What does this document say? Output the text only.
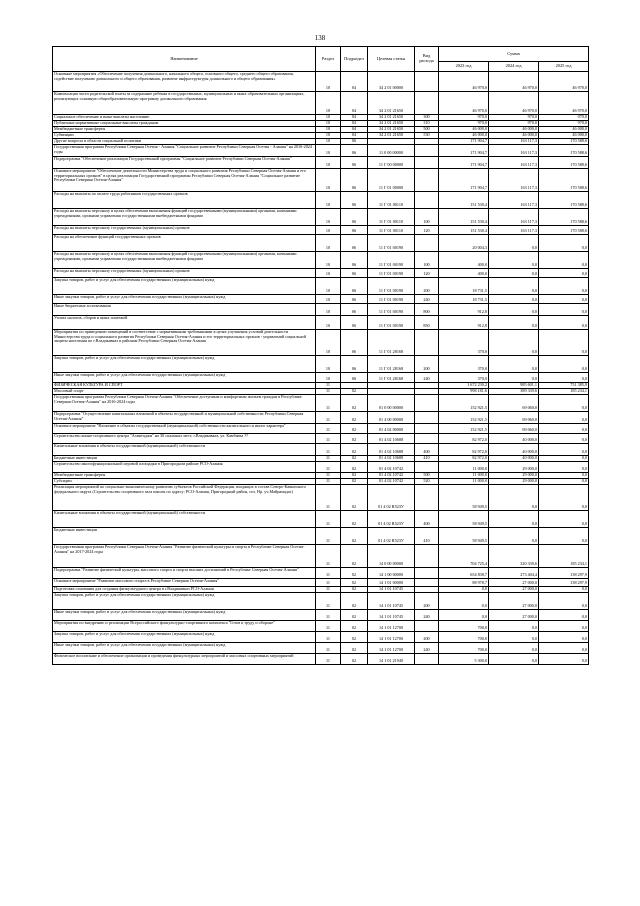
138
Наименование	Раздел	Подраздел	Целевая статья	Вид расхода	Сумма		
					2023 год	2024 год	2025 год
Основные мероприятия «Обеспечение получения дошкольного, начального общего, основного общего, среднего общего образования, содействие получению дошкольного и общего образования, развитие инфраструктуры дошкольного и общего образования»	10	04	34 2 01 00000		46 970,0	46 970,0	46 970,0
Компенсация части родительской платы за содержание ребенка в государственных, муниципальных и иных образовательных организациях, реализующих основную общеобразовательную программу дошкольного образования	10	04	34 2 01 21650		46 970,0	46 970,0	46 970,0
Социальное обеспечение и иные выплаты населению	10	04	34 2 01 21650	300	970,0	970,0	970,0
Публичные нормативные социальные выплаты гражданам	10	04	34 2 01 21650	310	970,0	970,0	970,0
Межбюджетные трансферты	10	04	34 2 01 21650	500	46 000,0	46 000,0	46 000,0
Субвенции	10	04	34 2 01 21650	530	46 000,0	46 000,0	46 000,0
Другие вопросы в области социальной политики	10	06			171 904,7	163 117,3	170 588,6
Государственная программа Республики Северная Осетия - Алания "Социальное развитие Республики Северная Осетия - Алания" на 2016-2024 годы	10	06	11 0 00 00000		171 904,7	163 117,3	170 588,6
Подпрограмма "Обеспечение реализации Государственной программы "Социальное развитие Республики Северная Осетия-Алания"	10	06	11 Г 00 00000		171 904,7	163 117,3	170 588,6
Основное мероприятие "Обеспечение деятельности Министерства труда и социального развития Республики Северная Осетия-Алания и его территориальных органов" в целях реализации Государственной программы Республики Северная Осетия-Алания "Социальное развитие Республики Северная Осетия-Алания"	10	06	11 Г 01 00000		171 904,7	163 117,3	170 588,6
Расходы на выплаты по оплате труда работников государственных органов	10	06	11 Г 01 00110		151 530,4	163 117,3	170 588,6
Расходы на выплаты персоналу в целях обеспечения выполнения функций государственными (муниципальными) органами, казенными учреждениями, органами управления государственными внебюджетными фондами	10	06	11 Г 01 00110	100	151 530,4	163 117,3	170 588,6
Расходы на выплаты персоналу государственных (муниципальных) органов	10	06	11 Г 01 00110	120	151 530,4	163 117,3	170 588,6
Расходы на обеспечение функций государственных органов	10	06	11 Г 01 00190		20 004,3	0,0	0,0
Расходы на выплаты персоналу в целях обеспечения выполнения функций государственными (муниципальными) органами, казенными учреждениями, органами управления государственными внебюджетными фондами	10	06	11 Г 01 00190	100	400,0	0,0	0,0
Расходы на выплаты персоналу государственных (муниципальных) органов	10	06	11 Г 01 00190	120	400,0	0,0	0,0
Закупка товаров, работ и услуг для обеспечения государственных (муниципальных) нужд	10	06	11 Г 01 00190	200	18 731,5	0,0	0,0
Иные закупки товаров, работ и услуг для обеспечения государственных (муниципальных) нужд	10	06	11 Г 01 00190	240	18 731,5	0,0	0,0
Иные бюджетные ассигнования	10	06	11 Г 01 00190	800	912,8	0,0	0,0
Уплата налогов, сборов и иных платежей	10	06	11 Г 01 00190	850	912,8	0,0	0,0
Мероприятия по приведению помещений в соответствие с нормативными требованиями в целях улучшения условий деятельности Министерства труда и социального развития Республики Северная Осетия-Алания и его территориальных органов - управлений социальной защиты населения по г.Владикавказ и районам Республики Северная Осетия-Алания	10	06	11 Г 01 28168		370,0	0,0	0,0
Закупка товаров, работ и услуг для обеспечения государственных (муниципальных) нужд	10	06	11 Г 01 28168	200	370,0	0,0	0,0
Иные закупки товаров, работ и услуг для обеспечения государственных (муниципальных) нужд	10	06	11 Г 01 28168	240	370,0	0,0	0,0
ФИЗИЧЕСКАЯ КУЛЬТУРА И СПОРТ	11				1 672 230,2	985 601,1	751 385,9
Массовый спорт	11	02			998 181,6	389 339,6	185 234,1
Государственная программа Республики Северная Осетия-Алания "Обеспечение доступным и комфортным жильем граждан в Республике Северная Осетия-Алания" на 2016-2024 годы	11	02	01 0 00 00000		152 921,5	69 060,0	0,0
Подпрограмма "Осуществление капитальных вложений в объекты государственной и муниципальной собственности Республики Северная Осетия-Алания"	11	02	01 4 00 00000		152 921,5	69 060,0	0,0
Основное мероприятие "Вложение в объекты государственной (муниципальной) собственности капитального и иного характера"	11	02	01 4 02 00000		152 921,5	69 060,0	0,0
Строительство конно-спортивного центра "Ахвитаджи" на 30 спальных мест, г.Владикавказ, ул. Камбаева ??	11	02	01 4 02 10688		82 972,0	40 000,0	0,0
Капитальные вложения в объекты государственной (муниципальной) собственности	11	02	01 4 02 10688	400	82 972,0	40 000,0	0,0
Бюджетные инвестиции	11	02	01 4 02 10688	410	82 972,0	40 000,0	0,0
Строительство многофункциональной игровой площадки в Пригородном районе РСО-Алания	11	02	01 4 02 10742		11 000,0	29 000,0	0,0
Межбюджетные трансферты	11	02	01 4 02 10742	500	11 000,0	29 000,0	0,0
Субсидии	11	02	01 4 02 10742	520	11 000,0	29 000,0	0,0
Реализация мероприятий по социально-экономическому развитию субъектов Российской Федерации, входящих в состав Северо-Кавказского федерального округа (Строительство спортивного зала школы по адресу: РСО-Алания, Пригородный район, сел. Нр. уч.Майрамадаг)	11	02	01 4 02 R523У		58 949,5	0,0	0,0
Капитальные вложения в объекты государственной (муниципальной) собственности	11	02	01 4 02 R523У	400	58 949,5	0,0	0,0
Бюджетные инвестиции	11	02	01 4 02 R523У	410	58 949,5	0,0	0,0
Государственная программа Республики Северная Осетия-Алания "Развитие физической культуры и спорта в Республике Северная Осетия-Алания" на 2017-2024 годы	11	02	14 0 00 00000		704 725,4	320 339,6	185 234,1
Подпрограмма "Развитие физической культуры, массового спорта и спорта высших достижений в Республике Северная Осетия-Алания"	11	02	14 1 00 00000		654 838,7	273 404,4	138 297,9
Основное мероприятие "Развитие массового спорта в Республике Северная Осетия-Алания"	11	02	14 1 01 00000		88 978,7	27 000,0	138 297,9
Подготовка основания для создания физкультурного центра в г.Владикавказ РСО-Алания	11	02	14 1 01 10745		0,0	27 000,0	0,0
Закупка товаров, работ и услуг для обеспечения государственных (муниципальных) нужд	11	02	14 1 01 10745	200	0,0	27 000,0	0,0
Иные закупки товаров, работ и услуг для обеспечения государственных (муниципальных) нужд	11	02	14 1 01 10745	240	0,0	27 000,0	0,0
Мероприятия по внедрению и реализации Всероссийского физкультурно-спортивного комплекса "Готов к труду и обороне"	11	02	14 1 01 12700		700,0	0,0	0,0
Закупка товаров, работ и услуг для обеспечения государственных (муниципальных) нужд	11	02	14 1 01 12700	200	700,0	0,0	0,0
Иные закупки товаров, работ и услуг для обеспечения государственных (муниципальных) нужд	11	02	14 1 01 12700	240	700,0	0,0	0,0
Физическое воспитание и обеспечение организации и проведения физкультурных мероприятий и массовых спортивных мероприятий	11	02	14 1 01 21940		5 300,0	0,0	0,0
